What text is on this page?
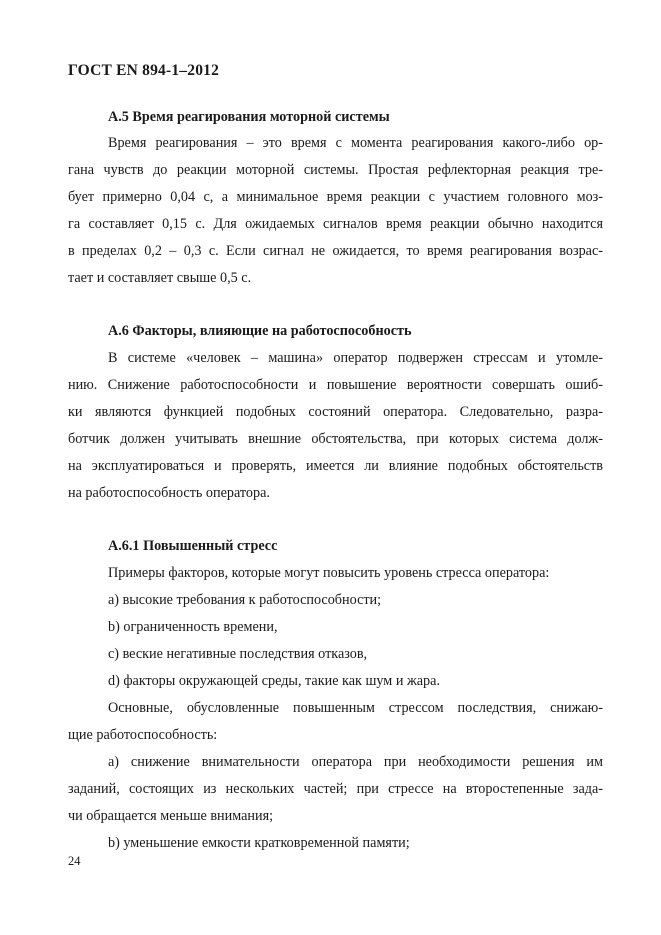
ГОСТ EN 894-1–2012
А.5 Время реагирования моторной системы
Время реагирования – это время с момента реагирования какого-либо ор-
гана чувств до реакции моторной системы. Простая рефлекторная реакция тре-
бует примерно 0,04 с, а минимальное время реакции с участием головного моз-
га составляет 0,15 с. Для ожидаемых сигналов время реакции обычно находится
в пределах 0,2 – 0,3 с. Если сигнал не ожидается, то время реагирования возрас-
тает и составляет свыше 0,5 с.
А.6 Факторы, влияющие на работоспособность
В системе «человек – машина» оператор подвержен стрессам и утомле-
нию. Снижение работоспособности и повышение вероятности совершать ошиб-
ки являются функцией подобных состояний оператора. Следовательно, разра-
ботчик должен учитывать внешние обстоятельства, при которых система долж-
на эксплуатироваться и проверять, имеется ли влияние подобных обстоятельств
на работоспособность оператора.
А.6.1 Повышенный стресс
Примеры факторов, которые могут повысить уровень стресса оператора:
а) высокие требования к работоспособности;
b) ограниченность времени,
с) веские негативные последствия отказов,
d) факторы окружающей среды, такие как шум и жара.
Основные, обусловленные повышенным стрессом последствия, снижаю-
щие работоспособность:
а) снижение внимательности оператора при необходимости решения им
заданий, состоящих из нескольких частей; при стрессе на второстепенные зада-
чи обращается меньше внимания;
b) уменьшение емкости кратковременной памяти;
24
